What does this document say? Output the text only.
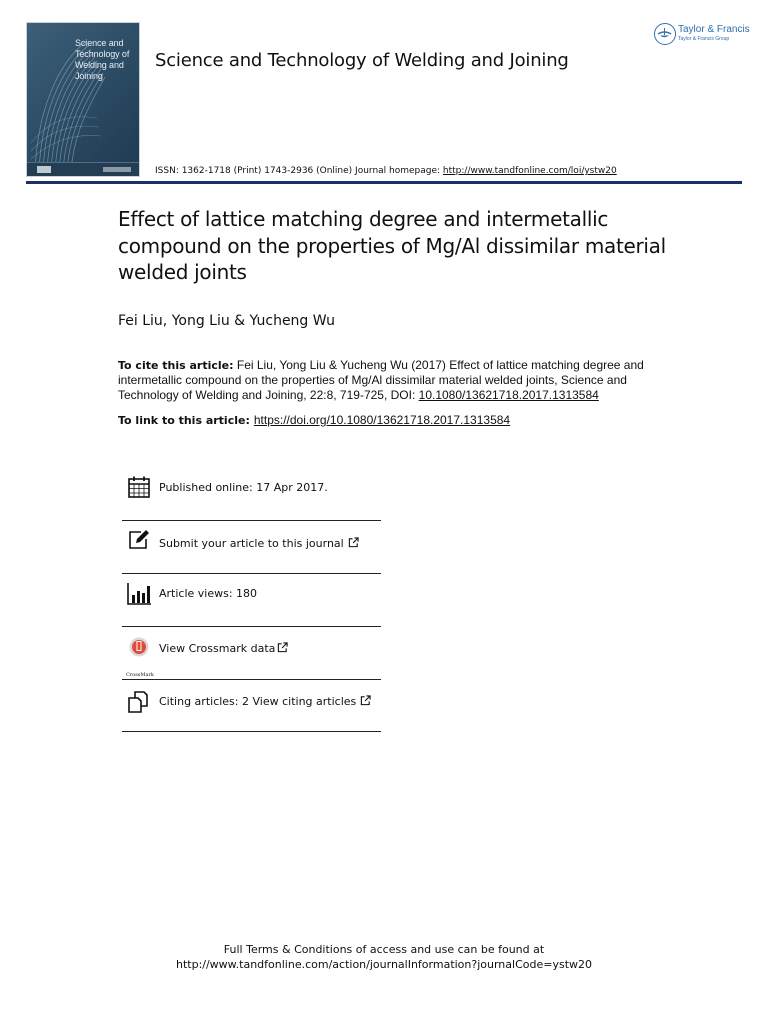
Science and Technology of Welding and Joining
Science and Technology of Welding and Joining
Taylor & Francis
Taylor & Francis Group
ISSN: 1362-1718 (Print) 1743-2936 (Online) Journal homepage: http://www.tandfonline.com/loi/ystw20
Effect of lattice matching degree and intermetallic compound on the properties of Mg/Al dissimilar material welded joints
Fei Liu, Yong Liu & Yucheng Wu
To cite this article: Fei Liu, Yong Liu & Yucheng Wu (2017) Effect of lattice matching degree and intermetallic compound on the properties of Mg/Al dissimilar material welded joints, Science and Technology of Welding and Joining, 22:8, 719-725, DOI: 10.1080/13621718.2017.1313584
To link to this article: https://doi.org/10.1080/13621718.2017.1313584
Published online: 17 Apr 2017.
Submit your article to this journal
Article views: 180
CrossMark
View Crossmark data
Citing articles: 2 View citing articles
Full Terms & Conditions of access and use can be found at
http://www.tandfonline.com/action/journalInformation?journalCode=ystw20
